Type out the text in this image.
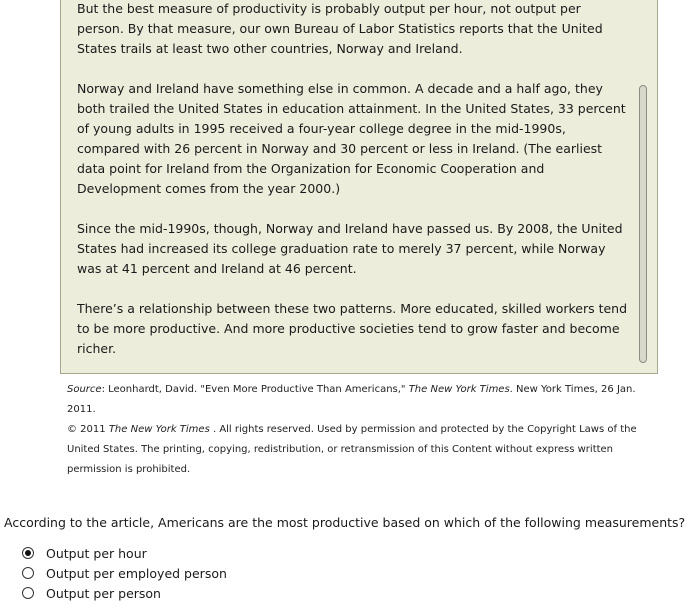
But the best measure of productivity is probably output per hour, not output per person. By that measure, our own Bureau of Labor Statistics reports that the United States trails at least two other countries, Norway and Ireland.

Norway and Ireland have something else in common. A decade and a half ago, they both trailed the United States in education attainment. In the United States, 33 percent of young adults in 1995 received a four-year college degree in the mid-1990s, compared with 26 percent in Norway and 30 percent or less in Ireland. (The earliest data point for Ireland from the Organization for Economic Cooperation and Development comes from the year 2000.)

Since the mid-1990s, though, Norway and Ireland have passed us. By 2008, the United States had increased its college graduation rate to merely 37 percent, while Norway was at 41 percent and Ireland at 46 percent.

There’s a relationship between these two patterns. More educated, skilled workers tend to be more productive. And more productive societies tend to grow faster and become richer.

Source: Leonhardt, David. "Even More Productive Than Americans," The New York Times. New York Times, 26 Jan. 2011.
© 2011 The New York Times . All rights reserved. Used by permission and protected by the Copyright Laws of the United States. The printing, copying, redistribution, or retransmission of this Content without express written permission is prohibited.
According to the article, Americans are the most productive based on which of the following measurements?
Output per hour
Output per employed person
Output per person
